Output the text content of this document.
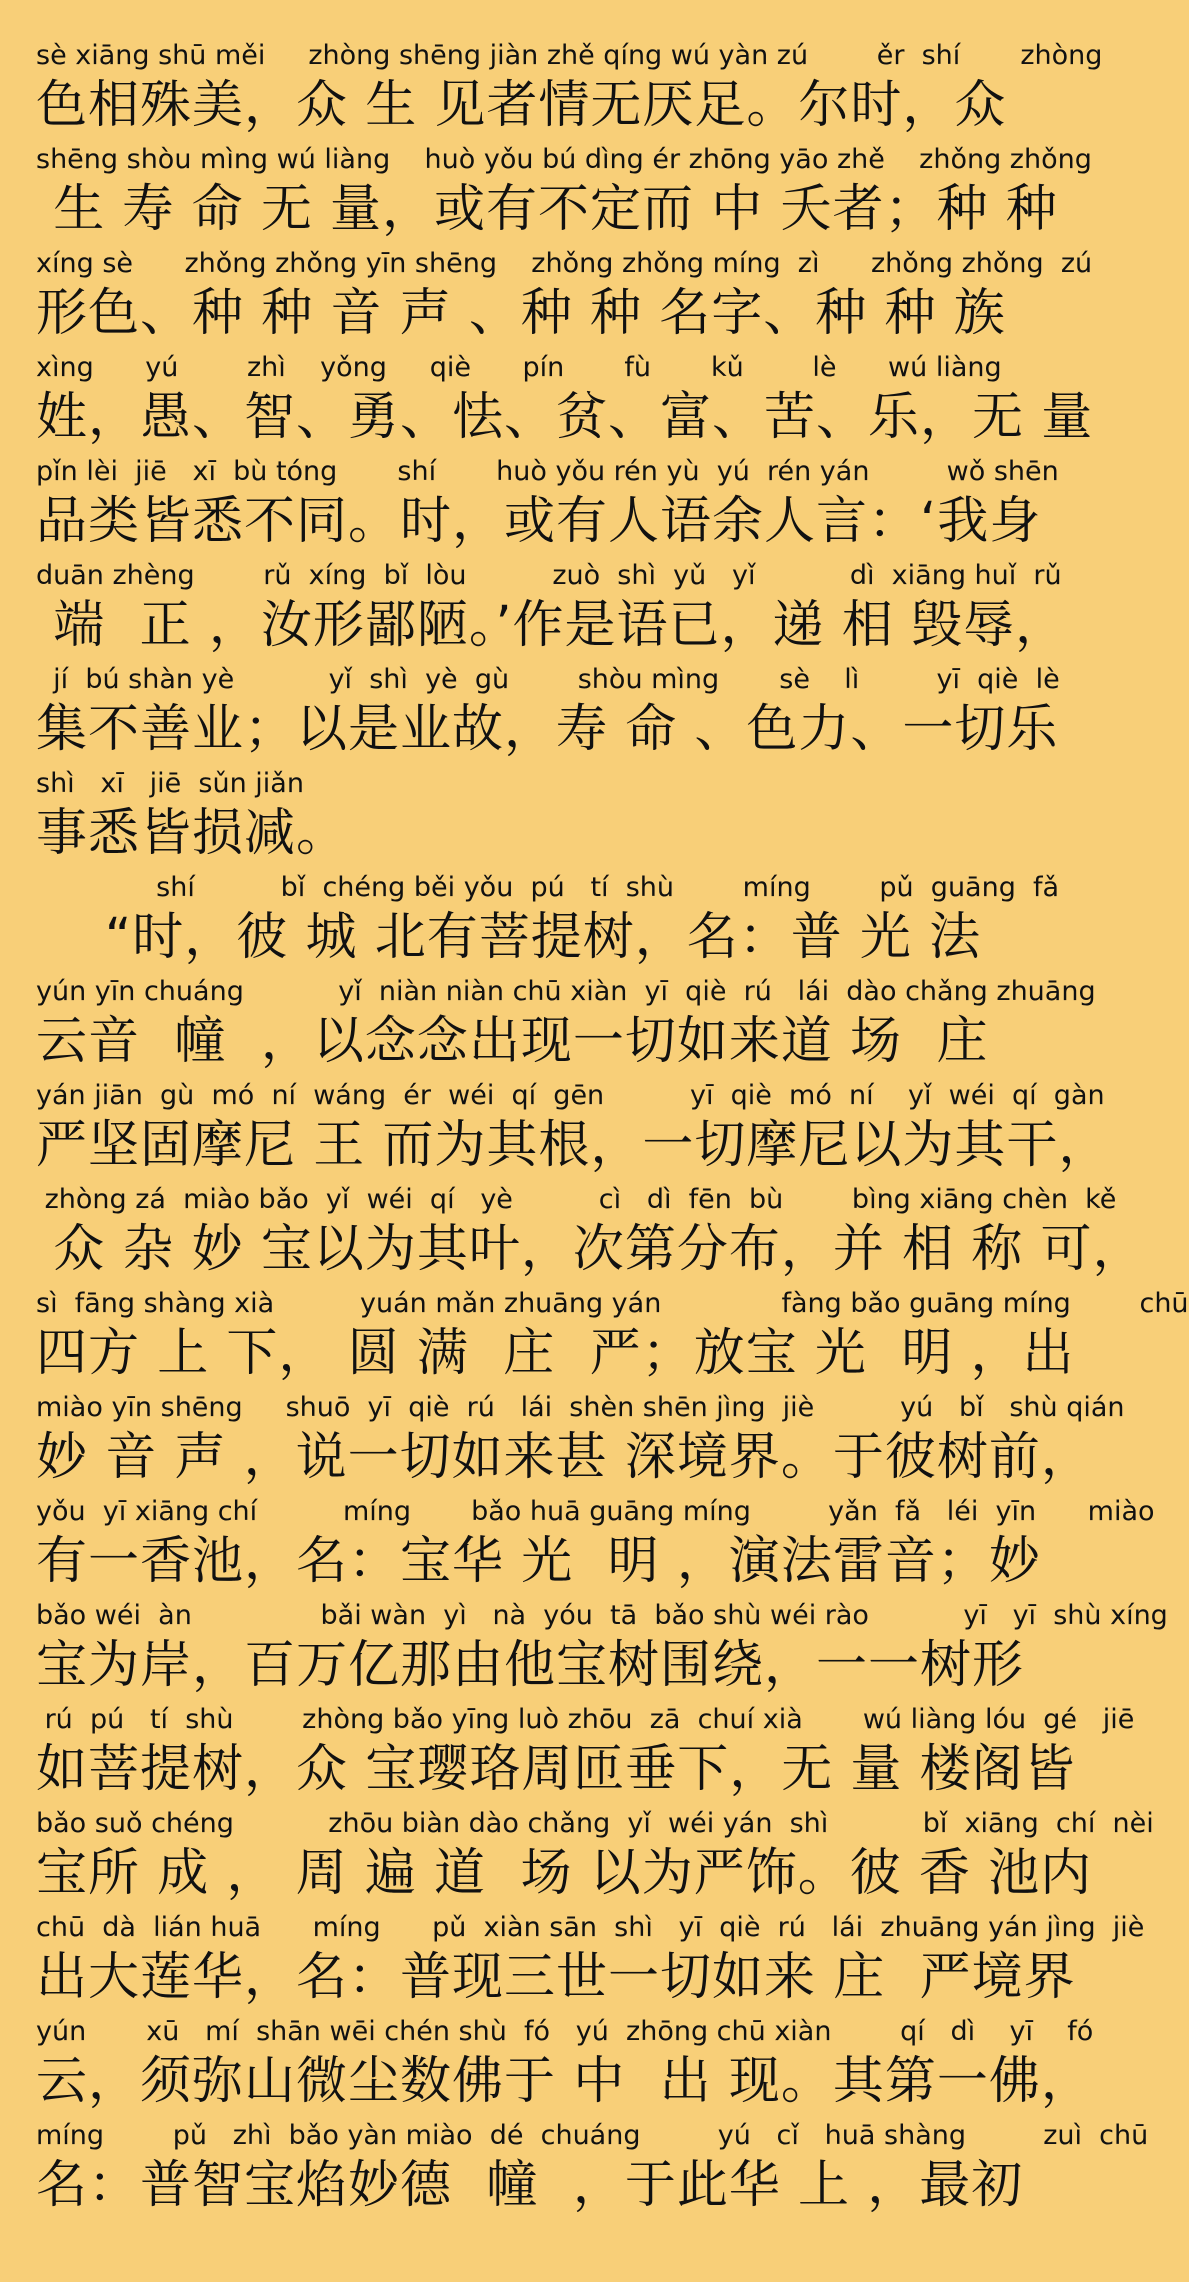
sè xiāng shū měi     zhòng shēng jiàn zhě qíng wú yàn zú        ěr  shí       zhòng
色相殊美，众 生 见者情无厌足。尔时，众
shēng shòu mìng wú liàng    huò yǒu bú dìng ér zhōng yāo zhě    zhǒng zhǒng
生 寿 命 无 量，或有不定而 中 夭者；种 种
xíng sè      zhǒng zhǒng yīn shēng    zhǒng zhǒng míng  zì      zhǒng zhǒng  zú
形色、种 种 音 声 、种 种 名字、种 种 族
xìng      yú        zhì    yǒng     qiè      pín       fù       kǔ        lè      wú liàng
姓，愚、智、勇、怯、贫、富、苦、乐，无 量
pǐn lèi  jiē   xī  bù tóng       shí       huò yǒu rén yù  yú  rén yán         wǒ shēn
品类皆悉不同。时，或有人语余人言：‘我身
duān zhèng        rǔ  xíng  bǐ  lòu          zuò  shì  yǔ   yǐ           dì  xiāng huǐ  rǔ
端  正 ，汝形鄙陋。’作是语已，递 相 毁辱，
jí  bú shàn yè           yǐ  shì  yè  gù        shòu mìng       sè    lì         yī  qiè  lè
集不善业；以是业故，寿 命 、色力、一切乐
shì   xī   jiē  sǔn jiǎn
事悉皆损减。
shí          bǐ  chéng běi yǒu  pú   tí  shù        míng        pǔ  guāng  fǎ
“时，彼 城 北有菩提树，名：普 光 法
yún yīn chuáng           yǐ  niàn niàn chū xiàn  yī  qiè  rú   lái  dào chǎng zhuāng
云音  幢  ，以念念出现一切如来道 场  庄
yán jiān  gù  mó  ní  wáng  ér  wéi  qí  gēn          yī  qiè  mó  ní    yǐ  wéi  qí  gàn
严坚固摩尼 王 而为其根，一切摩尼以为其干，
zhòng zá  miào bǎo  yǐ  wéi  qí   yè          cì   dì  fēn  bù        bìng xiāng chèn  kě
众 杂 妙 宝以为其叶，次第分布，并 相 称 可，
sì  fāng shàng xià          yuán mǎn zhuāng yán              fàng bǎo guāng míng        chū
四方 上 下， 圆 满  庄  严；放宝 光  明 ，出
miào yīn shēng     shuō  yī  qiè  rú   lái  shèn shēn jìng  jiè          yú   bǐ   shù qián
妙 音 声 ，说一切如来甚 深境界。于彼树前，
yǒu  yī xiāng chí          míng       bǎo huā guāng míng         yǎn  fǎ   léi  yīn      miào
有一香池，名：宝华 光  明 ，演法雷音；妙
bǎo wéi  àn               bǎi wàn  yì   nà  yóu  tā  bǎo shù wéi rào           yī   yī  shù xíng
宝为岸，百万亿那由他宝树围绕，一一树形
rú  pú   tí  shù        zhòng bǎo yīng luò zhōu  zā  chuí xià       wú liàng lóu  gé   jiē
如菩提树，众 宝璎珞周匝垂下，无 量 楼阁皆
bǎo suǒ chéng           zhōu biàn dào chǎng  yǐ  wéi yán  shì           bǐ  xiāng  chí  nèi
宝所 成 ， 周 遍 道  场 以为严饰。彼 香 池内
chū  dà  lián huā      míng      pǔ  xiàn sān  shì   yī  qiè  rú   lái  zhuāng yán jìng  jiè
出大莲华，名：普现三世一切如来 庄  严境界
yún       xū   mí  shān wēi chén shù  fó   yú  zhōng chū xiàn        qí   dì    yī    fó
云，须弥山微尘数佛于 中  出 现。其第一佛，
míng        pǔ   zhì  bǎo yàn miào  dé  chuáng         yú   cǐ   huā shàng         zuì  chū
名：普智宝焰妙德  幢  ，于此华 上 ，最初
